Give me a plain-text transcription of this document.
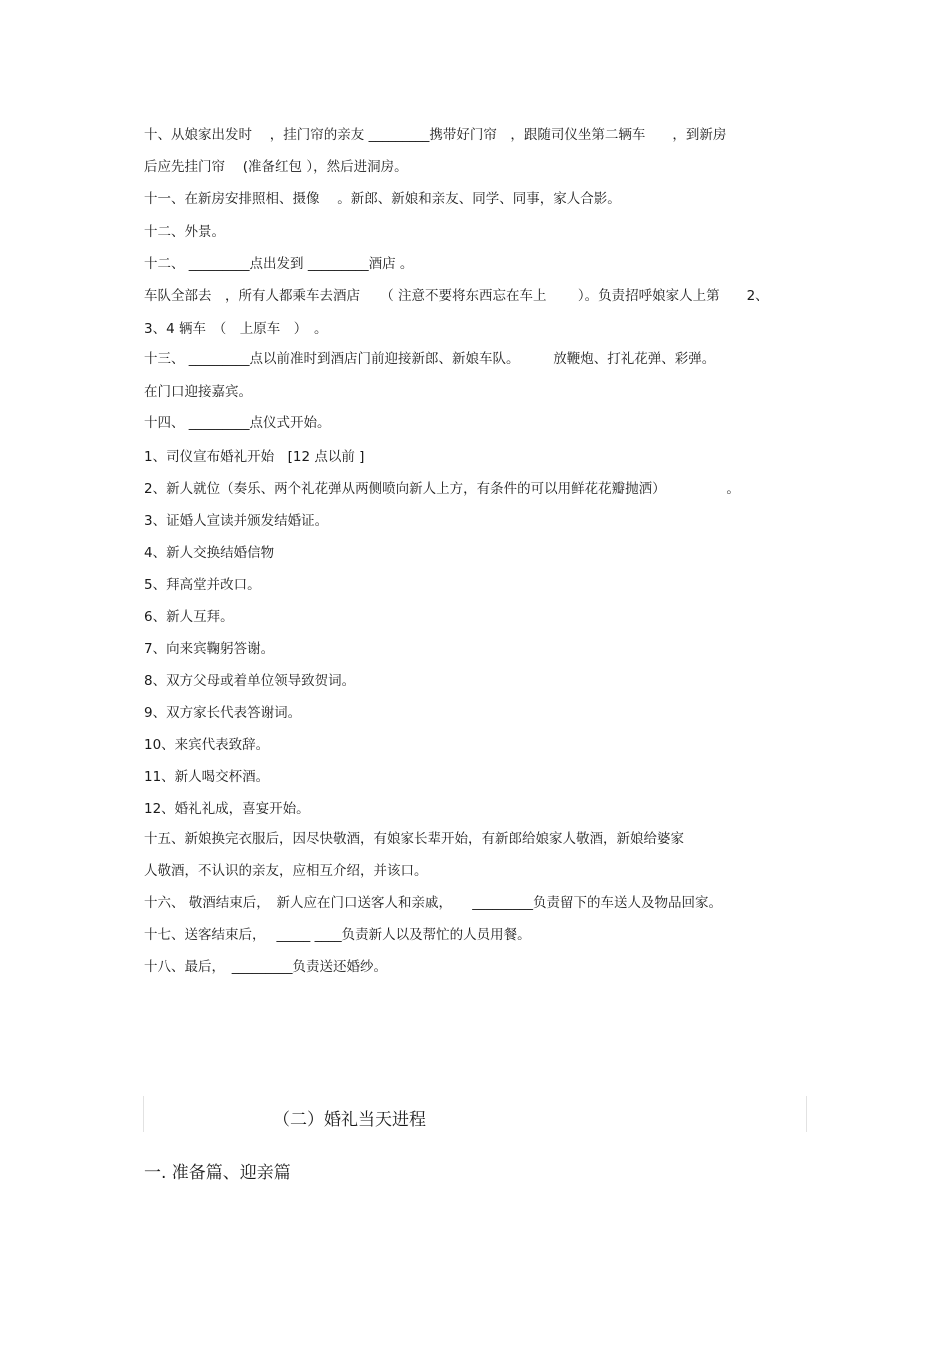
十、从娘家出发时　 ，挂门帘的亲友 _________携带好门帘　，跟随司仪坐第二辆车　　，到新房
后应先挂门帘　 (准备红包 ），然后进洞房。
十一、在新房安排照相、摄像　 。新郎、新娘和亲友、同学、同事，家人合影。
十二、外景。
十二、 _________点出发到 _________酒店 。
车队全部去　，所有人都乘车去酒店　　（ 注意不要将东西忘在车上　　 ）。负责招呼娘家人上第　　2、
3、4 辆车　（　上原车　）　。
十三、 _________点以前准时到酒店门前迎接新郎、新娘车队。　　　放鞭炮、打礼花弹、彩弹。
在门口迎接嘉宾。
十四、 _________点仪式开始。
1、司仪宣布婚礼开始　[12 点以前 ]
2、新人就位（奏乐、两个礼花弹从两侧喷向新人上方，有条件的可以用鲜花花瓣抛洒）　　　　　。
3、证婚人宣读并颁发结婚证。
4、新人交换结婚信物
5、拜高堂并改口。
6、新人互拜。
7、向来宾鞠躬答谢。
8、双方父母或着单位领导致贺词。
9、双方家长代表答谢词。
10、来宾代表致辞。
11、新人喝交杯酒。
12、婚礼礼成，喜宴开始。
十五、新娘换完衣服后，因尽快敬酒，有娘家长辈开始，有新郎给娘家人敬酒，新娘给婆家
人敬酒，不认识的亲友，应相互介绍，并该口。
十六、 敬酒结束后，　新人应在门口送客人和亲戚，　　_________负责留下的车送人及物品回家。
十七、送客结束后，　 _____ ____负责新人以及帮忙的人员用餐。
十八、最后，　_________负责送还婚纱。
（二）婚礼当天进程
一. 准备篇、迎亲篇
